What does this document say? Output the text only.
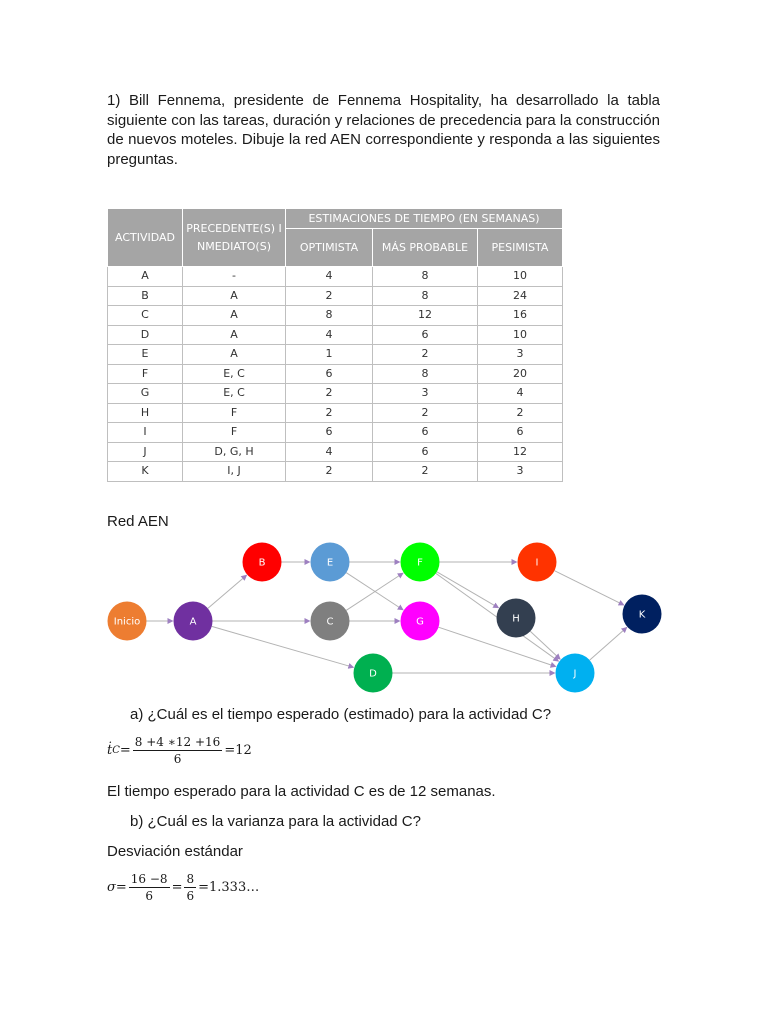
1) Bill Fennema, presidente de Fennema Hospitality, ha desarrollado la tabla siguiente con las tareas, duración y relaciones de precedencia para la construcción de nuevos moteles. Dibuje la red AEN correspondiente y responda a las siguientes preguntas.

ACTIVIDAD	PRECEDENTE(S) INMEDIATO(S)	ESTIMACIONES DE TIEMPO (EN SEMANAS)		
		OPTIMISTA	MÁS PROBABLE	PESIMISTA
A	-	4	8	10
B	A	2	8	24
C	A	8	12	16
D	A	4	6	10
E	A	1	2	3
F	E, C	6	8	20
G	E, C	2	3	4
H	F	2	2	2
I	F	6	6	6
J	D, G, H	4	6	12
K	I, J	2	2	3
Red AEN
Inicio	A
B	E
C
D
F
G
I
H
J
K
a) ¿Cuál es el tiempo esperado (estimado) para la actividad C?
ṫ $C = \frac{8 +4 ∗12 +16}{6} =12$
El tiempo esperado para la actividad C es de 12 semanas.
b) ¿Cuál es la varianza para la actividad C?
Desviación estándar
$\sigma = \frac{16 -8}{6} = \frac{8}{6}$ =1.333…
